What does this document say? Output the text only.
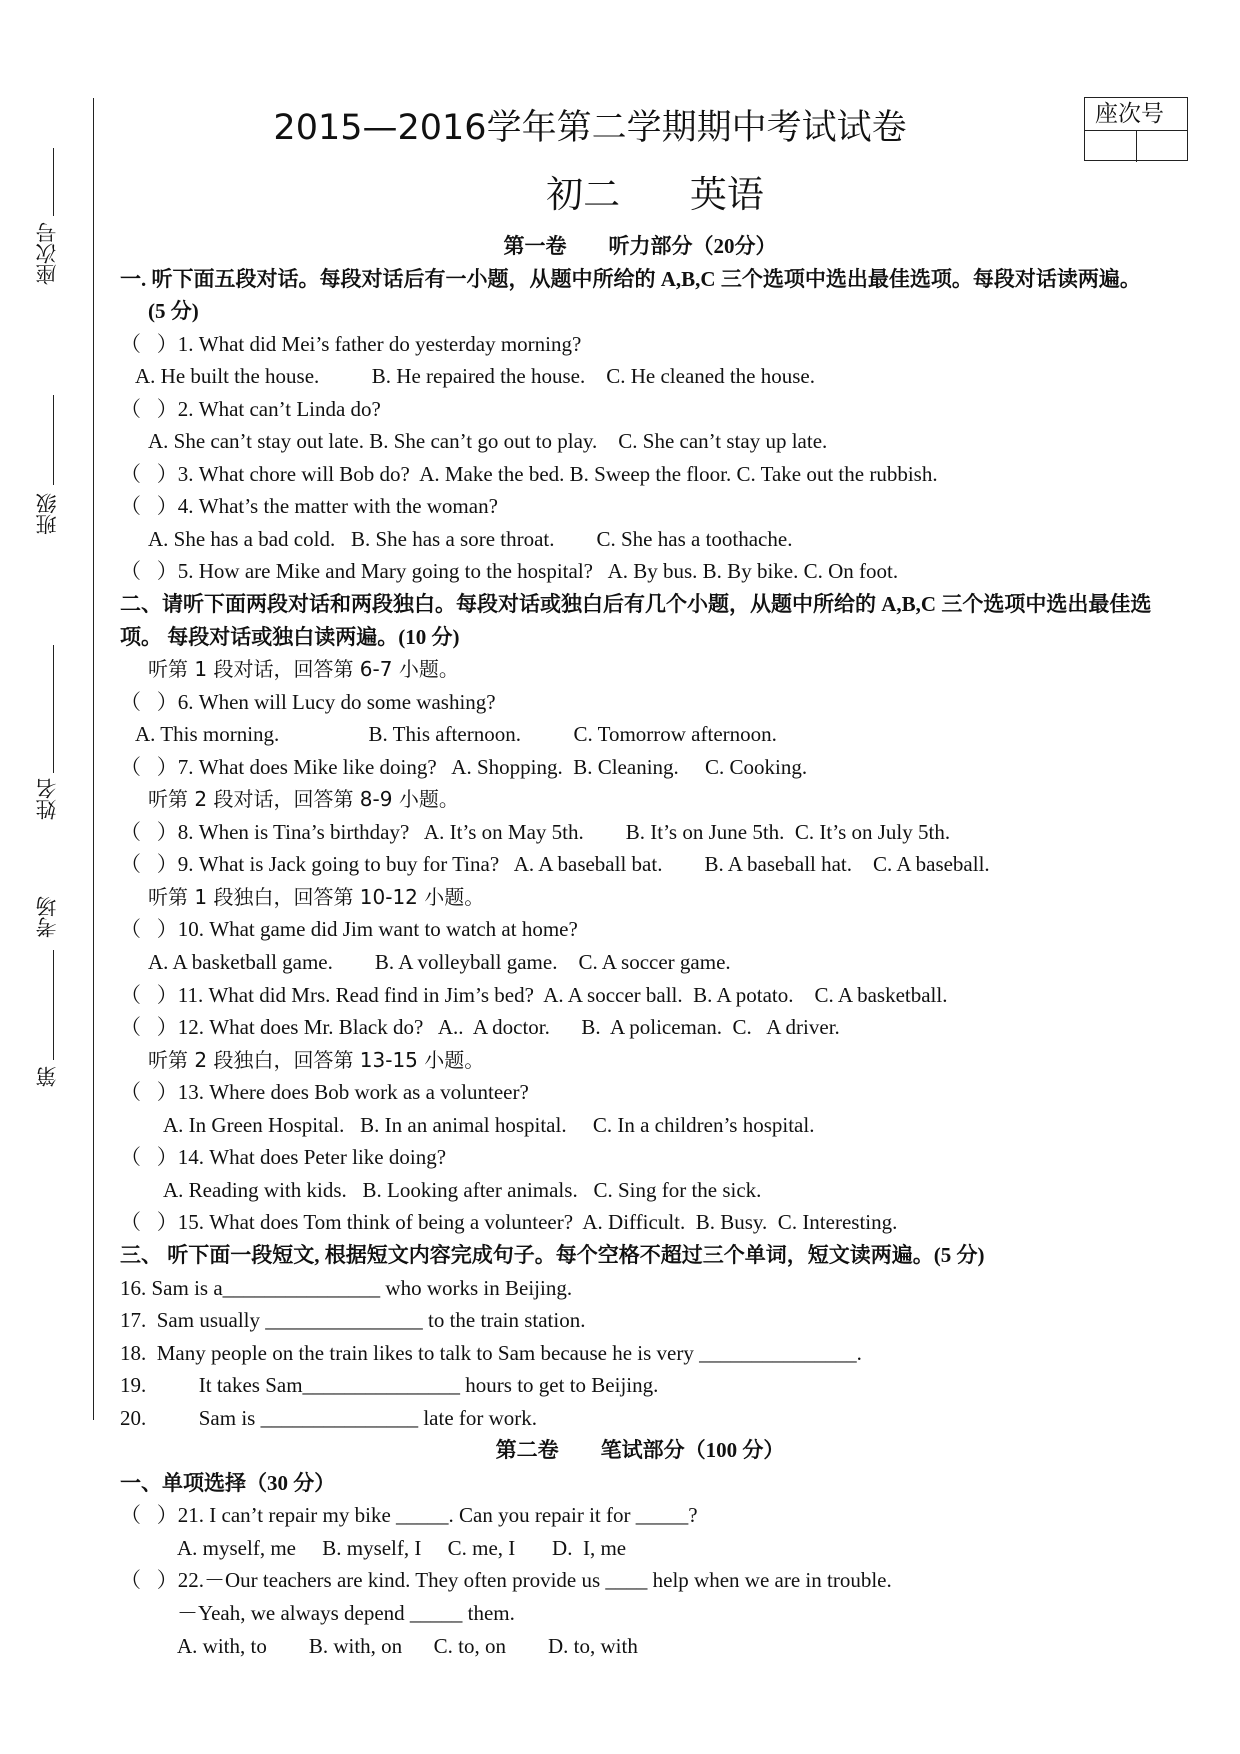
座次号
班级
姓名
考场
第
座次号
2015—2016学年第二学期期中考试试卷
初二 英语
第一卷　　听力部分（20分）
一. 听下面五段对话。每段对话后有一小题，从题中所给的 A,B,C 三个选项中选出最佳选项。每段对话读两遍。
(5 分)
（   ）1. What did Mei’s father do yesterday morning?
A. He built the house.          B. He repaired the house.    C. He cleaned the house.
（   ）2. What can’t Linda do?
A. She can’t stay out late. B. She can’t go out to play.    C. She can’t stay up late.
（   ）3. What chore will Bob do?  A. Make the bed. B. Sweep the floor. C. Take out the rubbish.
（   ）4. What’s the matter with the woman?
A. She has a bad cold.   B. She has a sore throat.        C. She has a toothache.
（   ）5. How are Mike and Mary going to the hospital?   A. By bus. B. By bike. C. On foot.
二、请听下面两段对话和两段独白。每段对话或独白后有几个小题，从题中所给的 A,B,C 三个选项中选出最佳选
项。 每段对话或独白读两遍。(10 分)
听第 1 段对话，回答第 6-7 小题。
（   ）6. When will Lucy do some washing?
A. This morning.                 B. This afternoon.          C. Tomorrow afternoon.
（   ）7. What does Mike like doing?   A. Shopping.  B. Cleaning.     C. Cooking.
听第 2 段对话，回答第 8-9 小题。
（   ）8. When is Tina’s birthday?   A. It’s on May 5th.        B. It’s on June 5th.  C. It’s on July 5th.
（   ）9. What is Jack going to buy for Tina?   A. A baseball bat.        B. A baseball hat.    C. A baseball.
听第 1 段独白，回答第 10-12 小题。
（   ）10. What game did Jim want to watch at home?
A. A basketball game.        B. A volleyball game.    C. A soccer game.
（   ）11. What did Mrs. Read find in Jim’s bed?  A. A soccer ball.  B. A potato.    C. A basketball.
（   ）12. What does Mr. Black do?   A..  A doctor.      B.  A policeman.  C.   A driver.
听第 2 段独白，回答第 13-15 小题。
（   ）13. Where does Bob work as a volunteer?
A. In Green Hospital.   B. In an animal hospital.     C. In a children’s hospital.
（   ）14. What does Peter like doing?
A. Reading with kids.   B. Looking after animals.   C. Sing for the sick.
（   ）15. What does Tom think of being a volunteer?  A. Difficult.  B. Busy.  C. Interesting.
三、 听下面一段短文, 根据短文内容完成句子。每个空格不超过三个单词，短文读两遍。(5 分)
16. Sam is a_______________ who works in Beijing.
17.  Sam usually _______________ to the train station.
18.  Many people on the train likes to talk to Sam because he is very _______________.
19.          It takes Sam_______________ hours to get to Beijing.
20.          Sam is _______________ late for work.
第二卷　　笔试部分（100 分）
一、单项选择（30 分）
（   ）21. I can’t repair my bike _____. Can you repair it for _____?
A. myself, me     B. myself, I     C. me, I       D.  I, me
（   ）22.－Our teachers are kind. They often provide us ____ help when we are in trouble.
－Yeah, we always depend _____ them.
A. with, to        B. with, on      C. to, on        D. to, with
